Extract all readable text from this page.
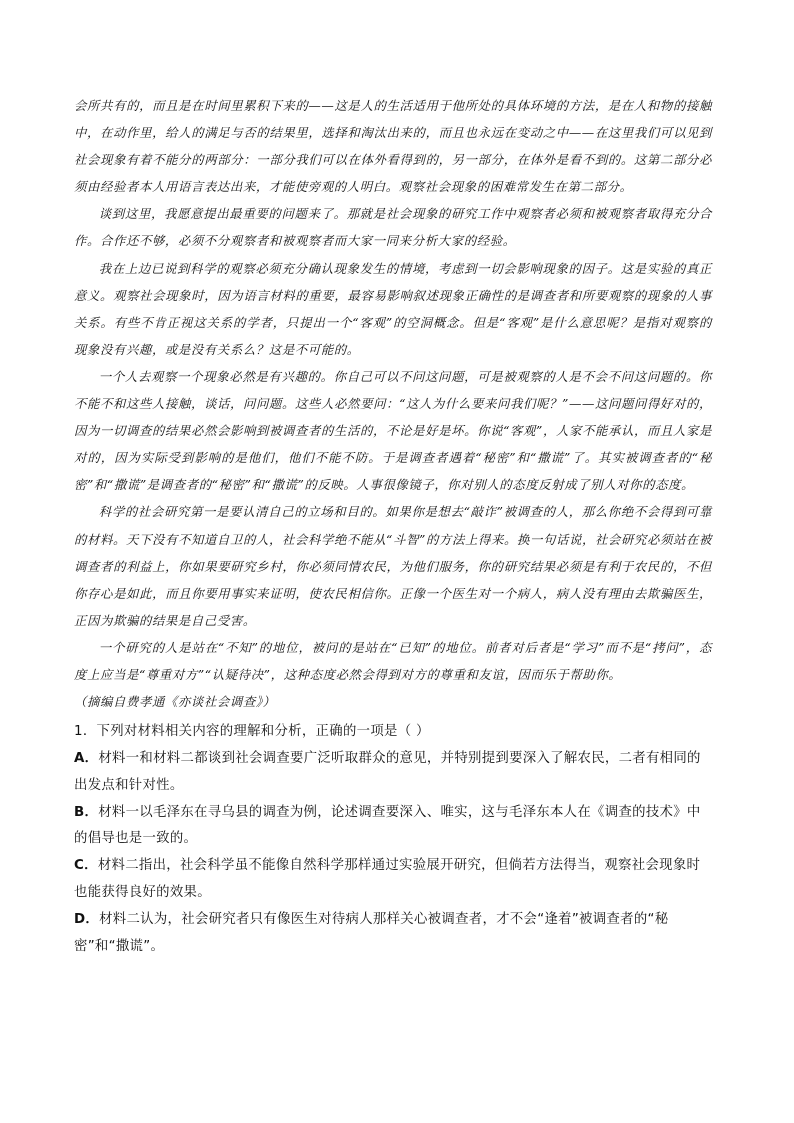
会所共有的，而且是在时间里累积下来的——这是人的生活适用于他所处的具体环境的方法，是在人和物的接触中，在动作里，给人的满足与否的结果里，选择和淘汰出来的，而且也永远在变动之中——在这里我们可以见到社会现象有着不能分的两部分：一部分我们可以在体外看得到的，另一部分，在体外是看不到的。这第二部分必须由经验者本人用语言表达出来，才能使旁观的人明白。观察社会现象的困难常发生在第二部分。

谈到这里，我愿意提出最重要的问题来了。那就是社会现象的研究工作中观察者必须和被观察者取得充分合作。合作还不够，必须不分观察者和被观察者而大家一同来分析大家的经验。

我在上边已说到科学的观察必须充分确认现象发生的情境，考虑到一切会影响现象的因子。这是实验的真正意义。观察社会现象时，因为语言材料的重要，最容易影响叙述现象正确性的是调查者和所要观察的现象的人事关系。有些不肯正视这关系的学者，只提出一个“客观”的空洞概念。但是“客观”是什么意思呢？是指对观察的现象没有兴趣，或是没有关系么？这是不可能的。

一个人去观察一个现象必然是有兴趣的。你自己可以不问这问题，可是被观察的人是不会不问这问题的。你不能不和这些人接触，谈话，问问题。这些人必然要问：“这人为什么要来问我们呢？”——这问题问得好对的，因为一切调查的结果必然会影响到被调查者的生活的，不论是好是坏。你说“客观”，人家不能承认，而且人家是对的，因为实际受到影响的是他们，他们不能不防。于是调查者遇着“秘密”和“撒谎”了。其实被调查者的“秘密”和“撒谎”是调查者的“秘密”和“撒谎”的反映。人事很像镜子，你对别人的态度反射成了别人对你的态度。

科学的社会研究第一是要认清自己的立场和目的。如果你是想去“敲诈”被调查的人，那么你绝不会得到可靠的材料。天下没有不知道自卫的人，社会科学绝不能从“斗智”的方法上得来。换一句话说，社会研究必须站在被调查者的利益上，你如果要研究乡村，你必须同情农民，为他们服务，你的研究结果必须是有利于农民的，不但你存心是如此，而且你要用事实来证明，使农民相信你。正像一个医生对一个病人，病人没有理由去欺骗医生，正因为欺骗的结果是自己受害。

一个研究的人是站在“不知”的地位，被问的是站在“已知”的地位。前者对后者是“学习”而不是“拷问”，态度上应当是“尊重对方”“认疑待决”，这种态度必然会得到对方的尊重和友谊，因而乐于帮助你。

（摘编自费孝通《亦谈社会调查》）

1．下列对材料相关内容的理解和分析，正确的一项是（ ）

A．材料一和材料二都谈到社会调查要广泛听取群众的意见，并特别提到要深入了解农民，二者有相同的出发点和针对性。

B．材料一以毛泽东在寻乌县的调查为例，论述调查要深入、唯实，这与毛泽东本人在《调查的技术》中的倡导也是一致的。

C．材料二指出，社会科学虽不能像自然科学那样通过实验展开研究，但倘若方法得当，观察社会现象时也能获得良好的效果。

D．材料二认为，社会研究者只有像医生对待病人那样关心被调查者，才不会“逢着”被调查者的“秘密”和“撒谎”。
